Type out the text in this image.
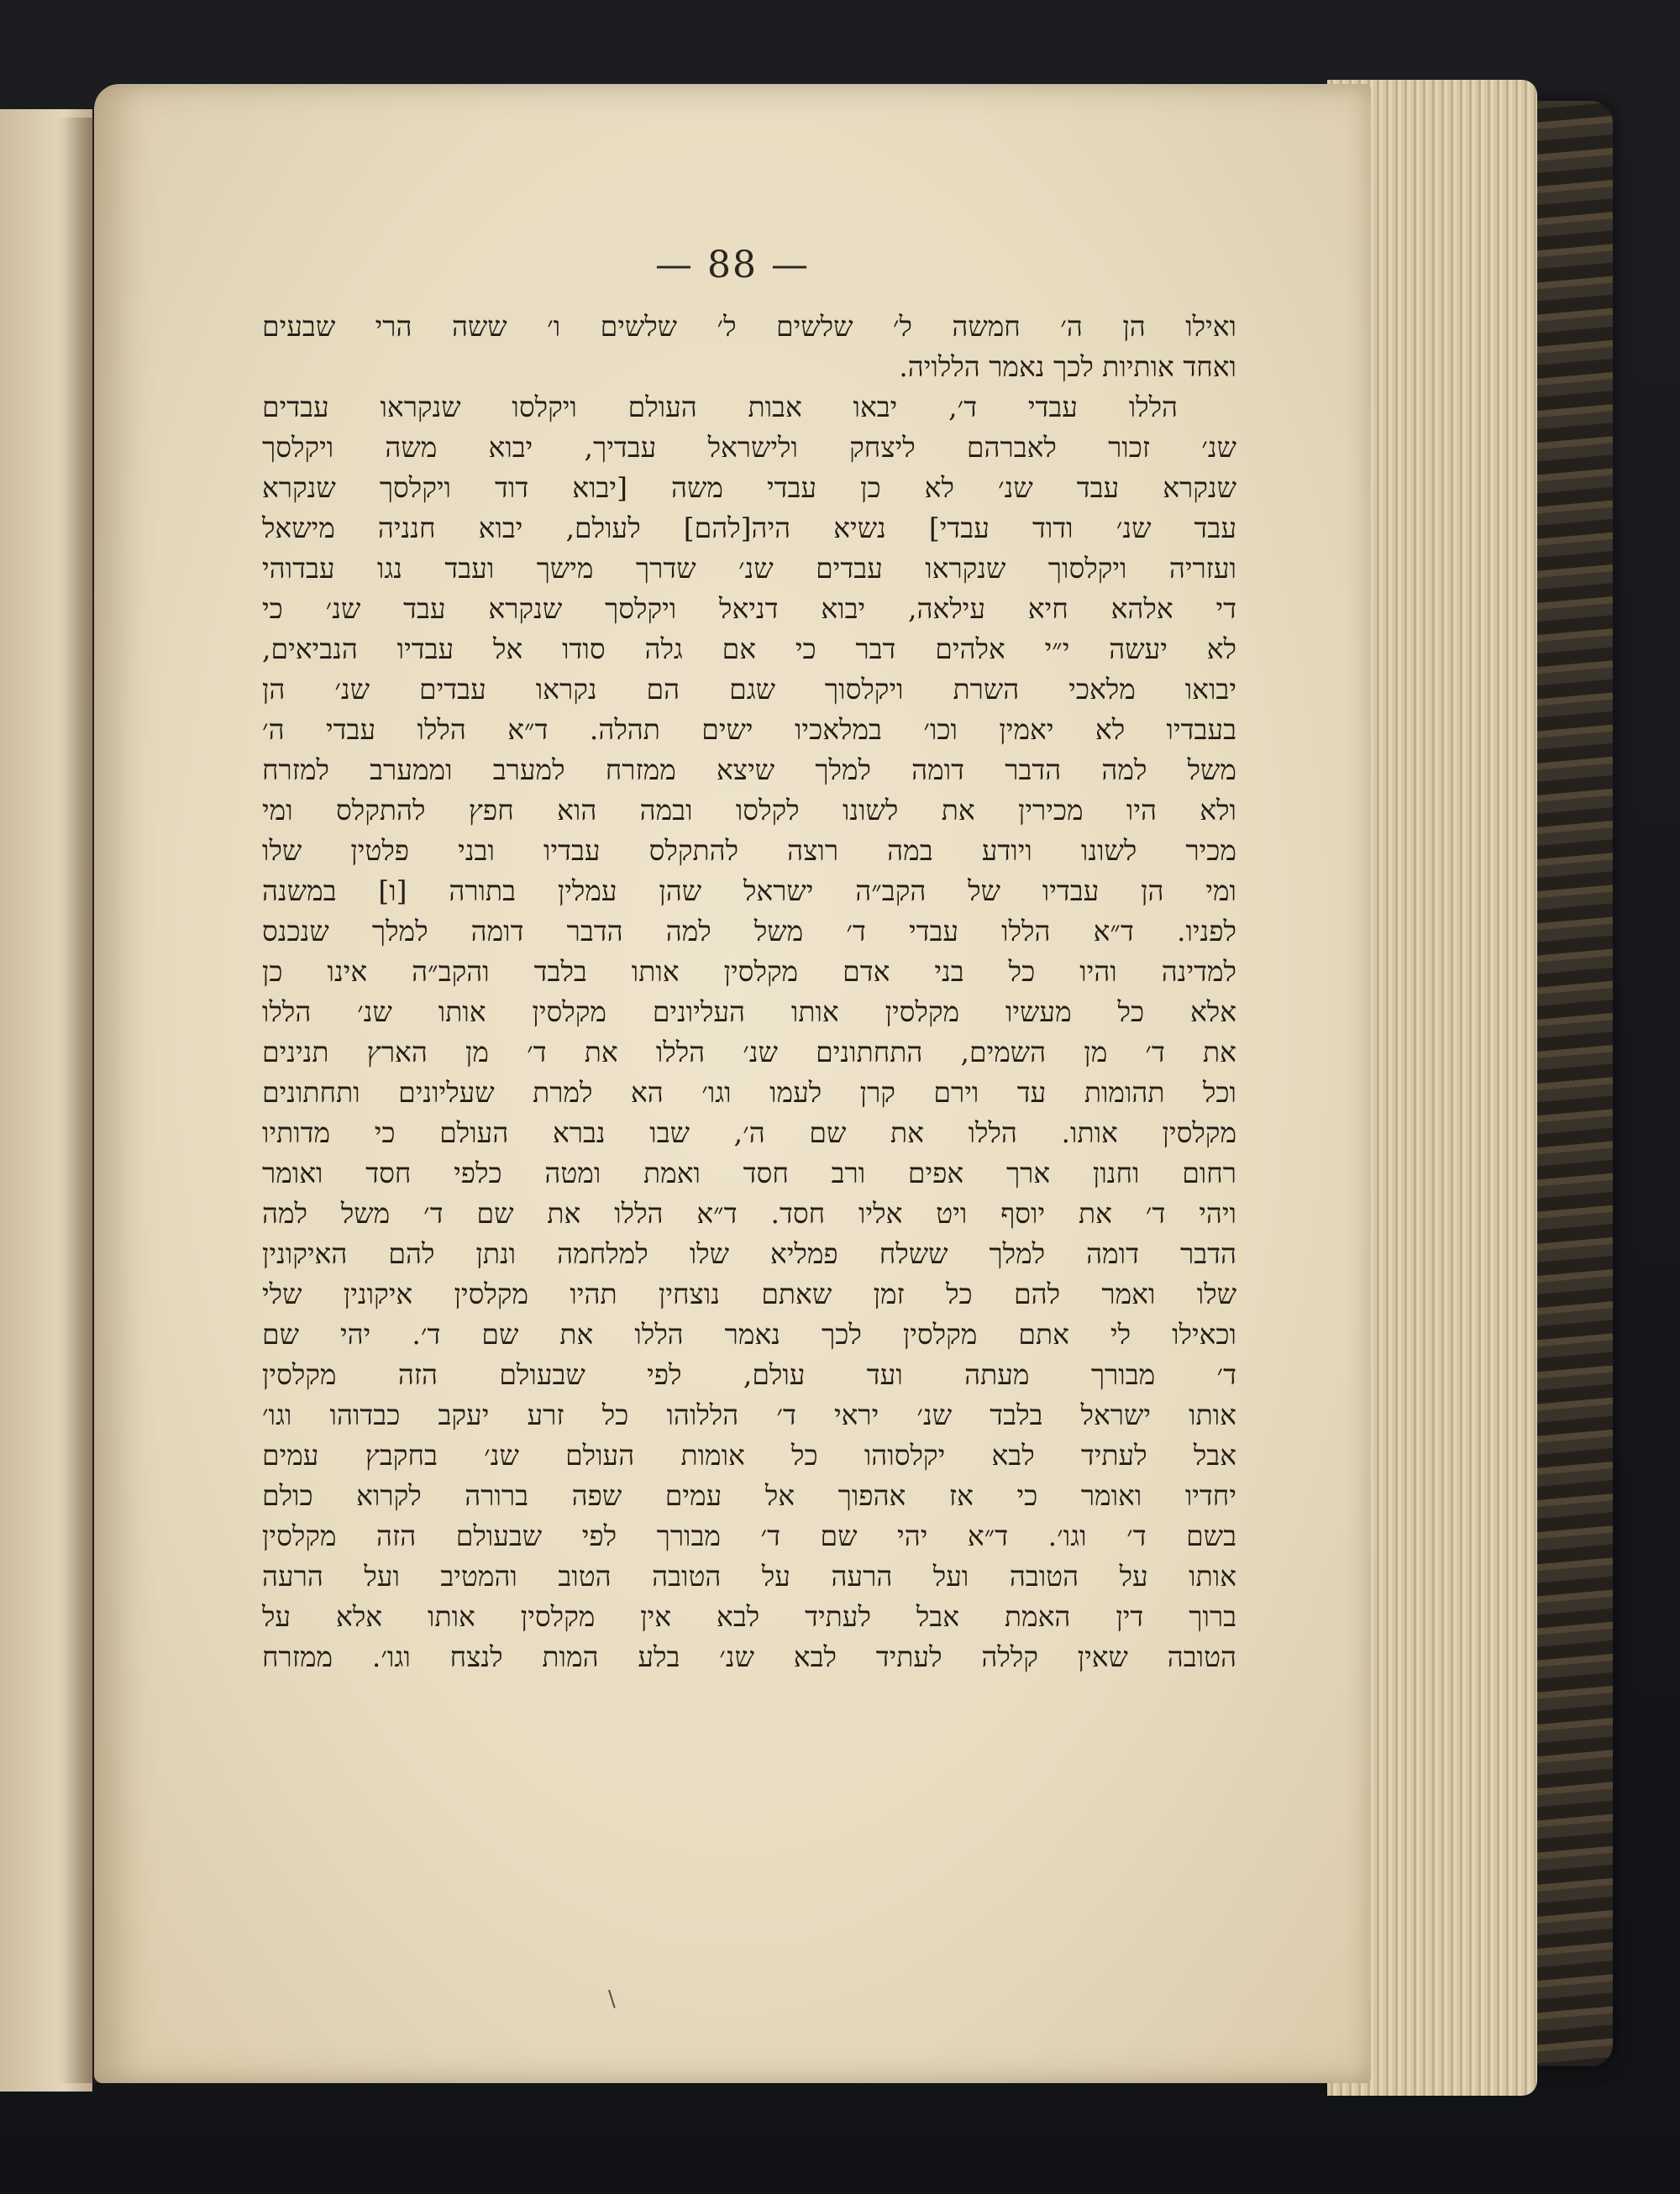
— 88 —
ואילו הן ה׳ חמשה ל׳ שלשים ל׳ שלשים ו׳ ששה הרי שבעים
ואחד אותיות לכך נאמר הללויה.
הללו עבדי ד׳, יבאו אבות העולם ויקלסו שנקראו עבדים
שנ׳ זכור לאברהם ליצחק ולישראל עבדיך, יבוא משה ויקלסך
שנקרא עבד שנ׳ לא כן עבדי משה [יבוא דוד ויקלסך שנקרא
עבד שנ׳ ודוד עבדי] נשיא היה[להם] לעולם, יבוא חנניה מישאל
ועזריה ויקלסוך שנקראו עבדים שנ׳ שדרך מישך ועבד נגו עבדוהי
די אלהא חיא עילאה, יבוא דניאל ויקלסך שנקרא עבד שנ׳ כי
לא יעשה י״י אלהים דבר כי אם גלה סודו אל עבדיו הנביאים,
יבואו מלאכי השרת ויקלסוך שגם הם נקראו עבדים שנ׳ הן
בעבדיו לא יאמין וכו׳ במלאכיו ישים תהלה. ד״א הללו עבדי ה׳
משל למה הדבר דומה למלך שיצא ממזרח למערב וממערב למזרח
ולא היו מכירין את לשונו לקלסו ובמה הוא חפץ להתקלס ומי
מכיר לשונו ויודע במה רוצה להתקלס עבדיו ובני פלטין שלו
ומי הן עבדיו של הקב״ה ישראל שהן עמלין בתורה [ו] במשנה
לפניו. ד״א הללו עבדי ד׳ משל למה הדבר דומה למלך שנכנס
למדינה והיו כל בני אדם מקלסין אותו בלבד והקב״ה אינו כן
אלא כל מעשיו מקלסין אותו העליונים מקלסין אותו שנ׳ הללו
את ד׳ מן השמים, התחתונים שנ׳ הללו את ד׳ מן הארץ תנינים
וכל תהומות עד וירם קרן לעמו וגו׳ הא למרת שעליונים ותחתונים
מקלסין אותו. הללו את שם ה׳, שבו נברא העולם כי מדותיו
רחום וחנון ארך אפים ורב חסד ואמת ומטה כלפי חסד ואומר
ויהי ד׳ את יוסף ויט אליו חסד. ד״א הללו את שם ד׳ משל למה
הדבר דומה למלך ששלח פמליא שלו למלחמה ונתן להם האיקונין
שלו ואמר להם כל זמן שאתם נוצחין תהיו מקלסין איקונין שלי
וכאילו לי אתם מקלסין לכך נאמר הללו את שם ד׳. יהי שם
ד׳ מבורך מעתה ועד עולם, לפי שבעולם הזה מקלסין
אותו ישראל בלבד שנ׳ יראי ד׳ הללוהו כל זרע יעקב כבדוהו וגו׳
אבל לעתיד לבא יקלסוהו כל אומות העולם שנ׳ בחקבץ עמים
יחדיו ואומר כי אז אהפוך אל עמים שפה ברורה לקרוא כולם
בשם ד׳ וגו׳. ד״א יהי שם ד׳ מבורך לפי שבעולם הזה מקלסין
אותו על הטובה ועל הרעה על הטובה הטוב והמטיב ועל הרעה
ברוך דין האמת אבל לעתיד לבא אין מקלסין אותו אלא על
הטובה שאין קללה לעתיד לבא שנ׳ בלע המות לנצח וגו׳. ממזרח
\
